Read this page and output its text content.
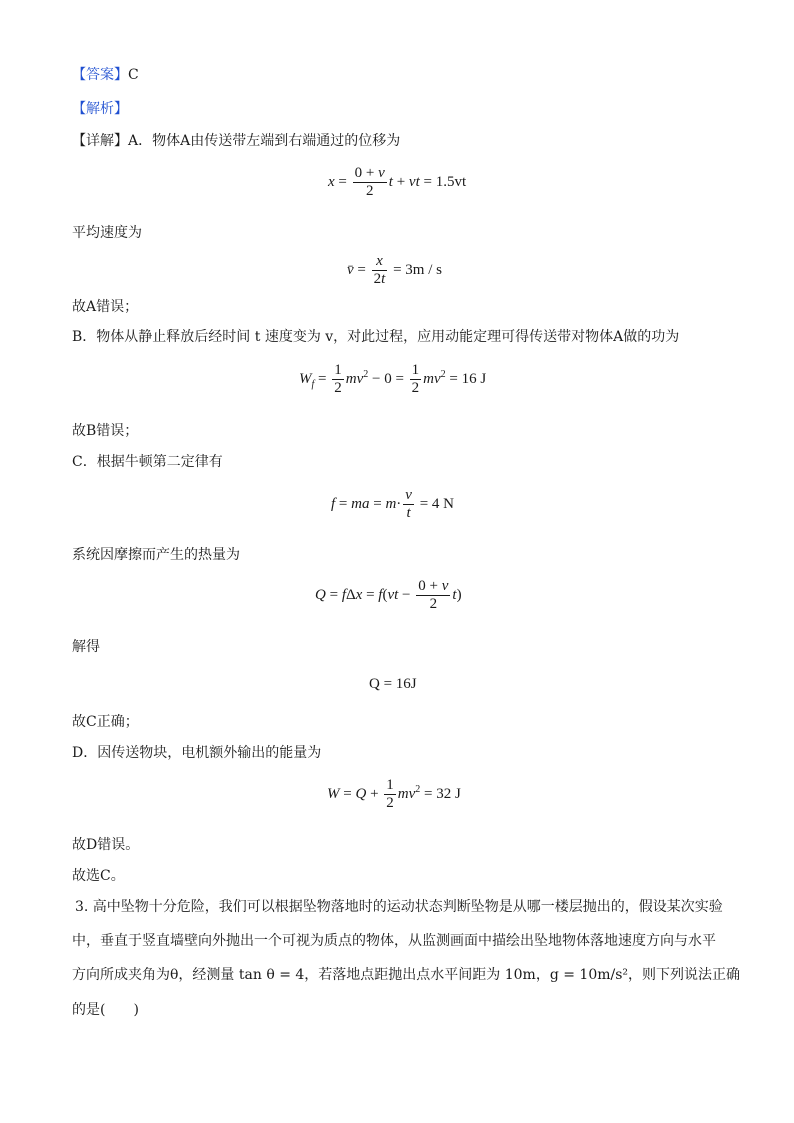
【答案】C
【解析】
【详解】A．物体A由传送带左端到右端通过的位移为
$x = \frac{0 + v}{2}$ t + vt = 1.5vt
平均速度为
v̄ = $\frac{x}{2t} = 3m / s$
故A错误；
B．物体从静止释放后经时间 t 速度变为 v，对此过程，应用动能定理可得传送带对物体A做的功为
$W_f = \frac{1}{2} mv^2 - 0 = \frac{1}{2} mv^2 = 16$ J
故B错误；
C．根据牛顿第二定律有
f = ma = $m\cdot \frac{v}{t} = 4$ N
系统因摩擦而产生的热量为
$Q = f\Delta x = f(vt - \frac{0 + v}{2} t)$
解得
Q = 16J
故C正确；
D．因传送物块，电机额外输出的能量为
$W = Q + \frac{1}{2} mv^2 = 32$ J
故D错误。
故选C。
3. 高中坠物十分危险，我们可以根据坠物落地时的运动状态判断坠物是从哪一楼层抛出的，假设某次实验
中，垂直于竖直墙壁向外抛出一个可视为质点的物体，从监测画面中描绘出坠地物体落地速度方向与水平
方向所成夹角为θ，经测量 tan θ = 4，若落地点距抛出点水平间距为 10m，g = 10m/s²，则下列说法正确
的是(　　)
